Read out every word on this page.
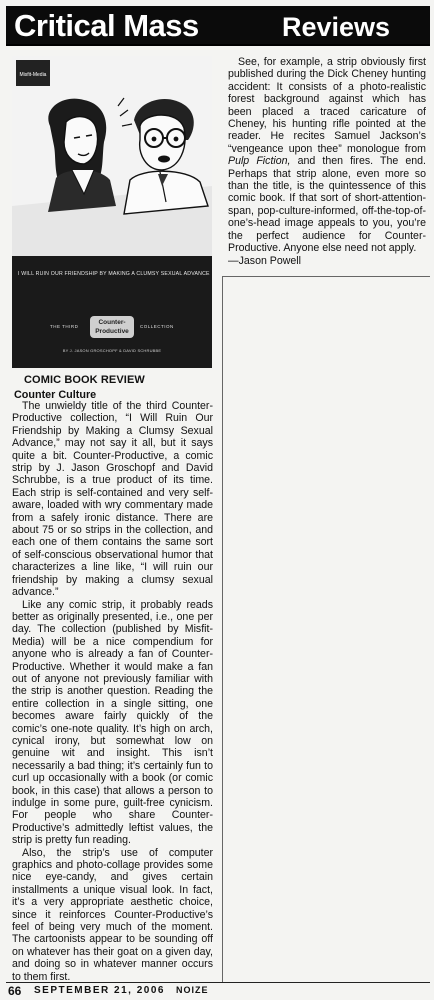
Critical Mass	Reviews
Misfit-Media
I WILL RUIN OUR FRIENDSHIP BY MAKING A CLUMSY SEXUAL ADVANCE
THE THIRD
Counter-Productive
COLLECTION
BY J. JASON GROSCHOPF & DAVID SCHRUBBE

See, for example, a strip obviously first published during the Dick Cheney hunting accident: It consists of a photo-realistic forest background against which has been placed a traced caricature of Cheney, his hunting rifle pointed at the reader. He recites Samuel Jackson’s “vengeance upon thee” monologue from Pulp Fiction, and then fires. The end. Perhaps that strip alone, even more so than the title, is the quintessence of this comic book. If that sort of short-attention-span, pop-culture-informed, off-the-top-of-one’s-head image appeals to you, you’re the perfect audience for Counter-Productive. Anyone else need not apply.

—Jason Powell

COMIC BOOK REVIEW
Counter Culture

The unwieldy title of the third Counter-Productive collection, “I Will Ruin Our Friendship by Making a Clumsy Sexual Advance,” may not say it all, but it says quite a bit. Counter-Productive, a comic strip by J. Jason Groschopf and David Schrubbe, is a true product of its time. Each strip is self-contained and very self-aware, loaded with wry commentary made from a safely ironic distance. There are about 75 or so strips in the collection, and each one of them contains the same sort of self-conscious observational humor that characterizes a line like, “I will ruin our friendship by making a clumsy sexual advance.”

Like any comic strip, it probably reads better as originally presented, i.e., one per day. The collection (published by Misfit-Media) will be a nice compendium for anyone who is already a fan of Counter-Productive. Whether it would make a fan out of anyone not previously familiar with the strip is another question. Reading the entire collection in a single sitting, one becomes aware fairly quickly of the comic’s one-note quality. It’s high on arch, cynical irony, but somewhat low on genuine wit and insight. This isn’t necessarily a bad thing; it’s certainly fun to curl up occasionally with a book (or comic book, in this case) that allows a person to indulge in some pure, guilt-free cynicism. For people who share Counter-Productive’s admittedly leftist values, the strip is pretty fun reading.

Also, the strip’s use of computer graphics and photo-collage provides some nice eye-candy, and gives certain installments a unique visual look. In fact, it’s a very appropriate aesthetic choice, since it reinforces Counter-Productive’s feel of being very much of the moment. The cartoonists appear to be sounding off on whatever has their goat on a given day, and doing so in whatever manner occurs to them first.

66 SEPTEMBER 21, 2006 NOIZE
